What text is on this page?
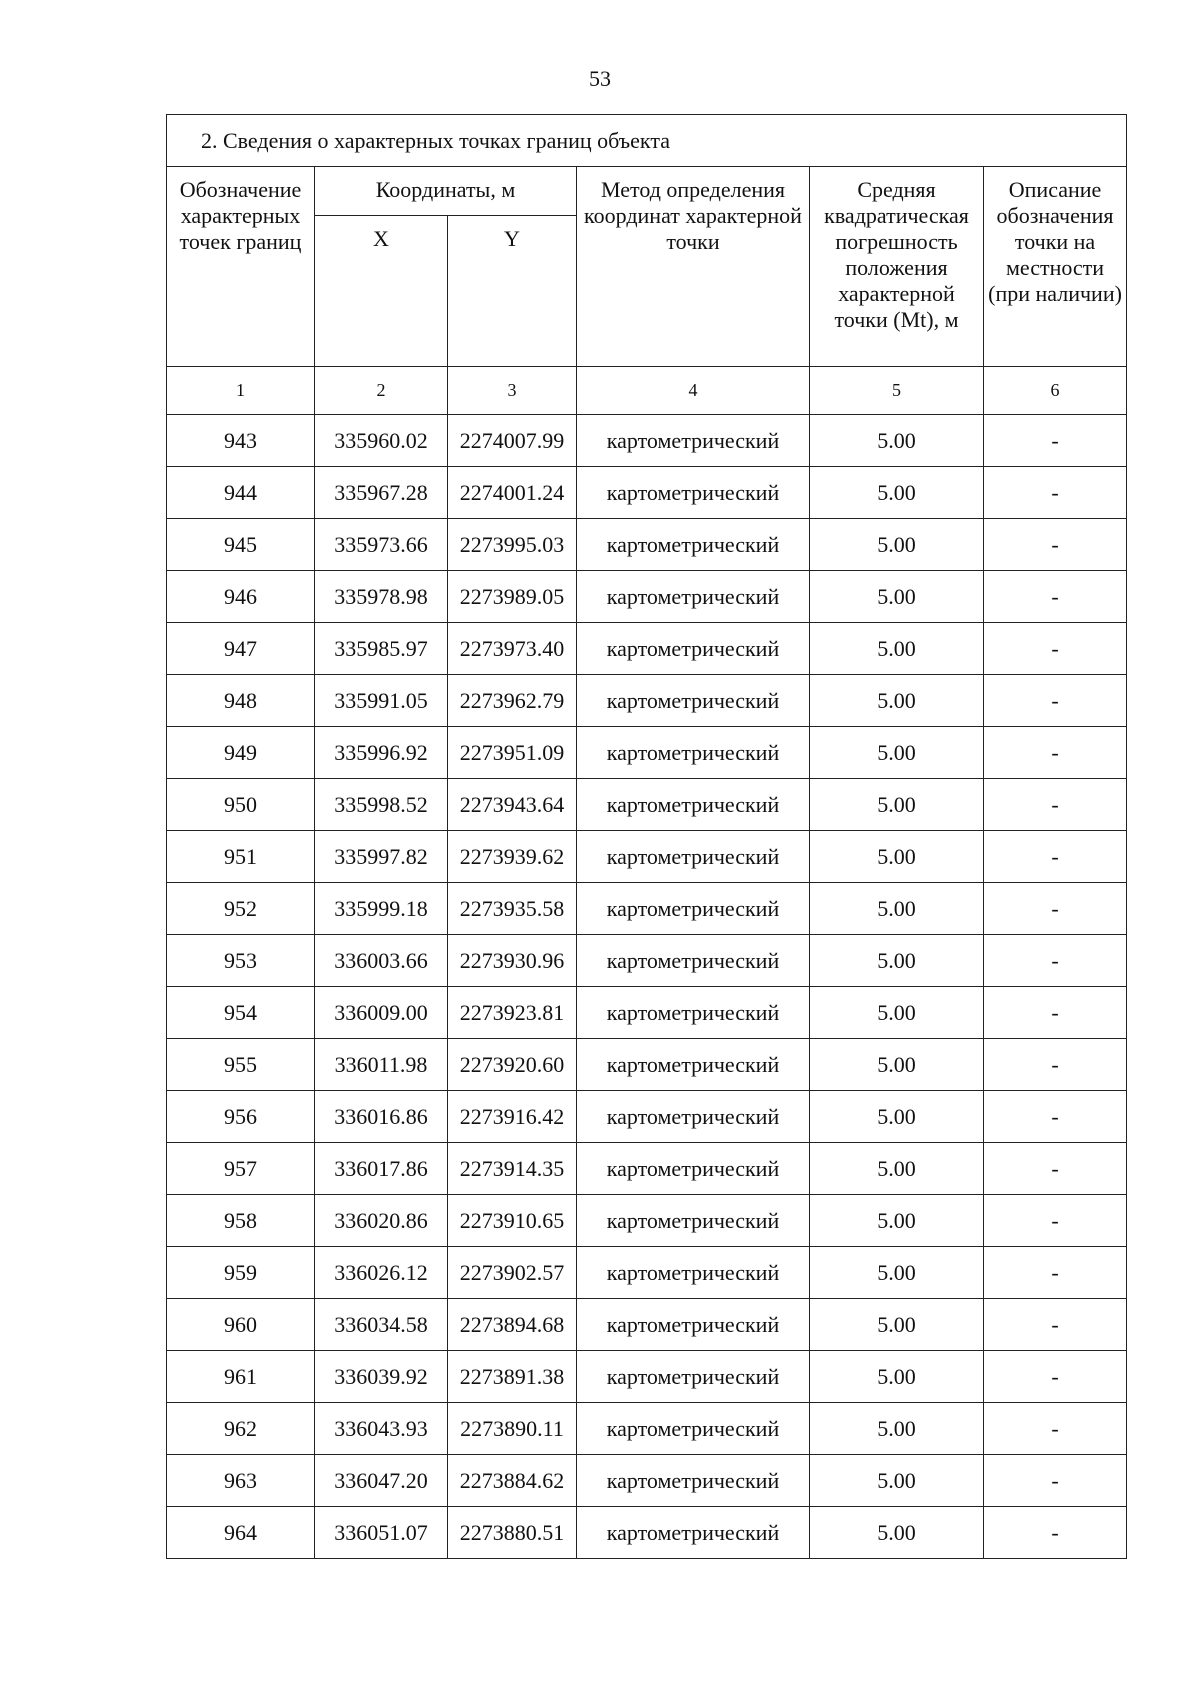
53
2. Сведения о характерных точках границ объекта					
Обозначение характерных точек границ	Координаты, м		Метод определения координат характерной точки	Средняя квадратическая погрешность положения характерной точки (Mt), м	Описание обозначения точки на местности (при наличии)
	X	Y			
1	2	3	4	5	6
943	335960.02	2274007.99	картометрический	5.00	-
944	335967.28	2274001.24	картометрический	5.00	-
945	335973.66	2273995.03	картометрический	5.00	-
946	335978.98	2273989.05	картометрический	5.00	-
947	335985.97	2273973.40	картометрический	5.00	-
948	335991.05	2273962.79	картометрический	5.00	-
949	335996.92	2273951.09	картометрический	5.00	-
950	335998.52	2273943.64	картометрический	5.00	-
951	335997.82	2273939.62	картометрический	5.00	-
952	335999.18	2273935.58	картометрический	5.00	-
953	336003.66	2273930.96	картометрический	5.00	-
954	336009.00	2273923.81	картометрический	5.00	-
955	336011.98	2273920.60	картометрический	5.00	-
956	336016.86	2273916.42	картометрический	5.00	-
957	336017.86	2273914.35	картометрический	5.00	-
958	336020.86	2273910.65	картометрический	5.00	-
959	336026.12	2273902.57	картометрический	5.00	-
960	336034.58	2273894.68	картометрический	5.00	-
961	336039.92	2273891.38	картометрический	5.00	-
962	336043.93	2273890.11	картометрический	5.00	-
963	336047.20	2273884.62	картометрический	5.00	-
964	336051.07	2273880.51	картометрический	5.00	-
